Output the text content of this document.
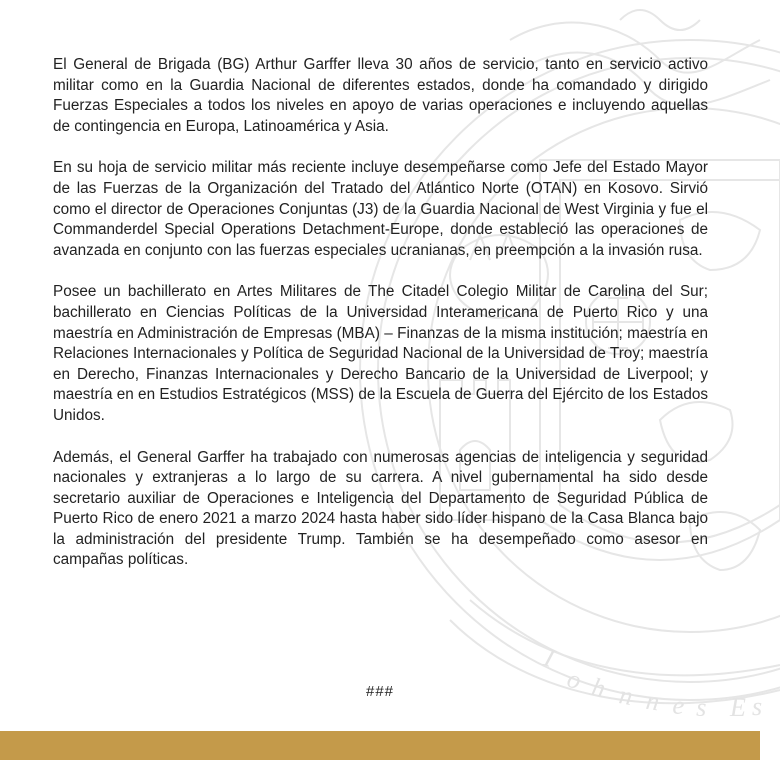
I
o h n n e s E s

El General de Brigada (BG) Arthur Garffer lleva 30 años de servicio, tanto en servicio activo militar como en la Guardia Nacional de diferentes estados, donde ha comandado y dirigido Fuerzas Especiales a todos los niveles en apoyo de varias operaciones e incluyendo aquellas de contingencia en Europa, Latinoamérica y Asia.

En su hoja de servicio militar más reciente incluye desempeñarse como Jefe del Estado Mayor de las Fuerzas de la Organización del Tratado del Atlántico Norte (OTAN) en Kosovo. Sirvió como el director de Operaciones Conjuntas (J3) de la Guardia Nacional de West Virginia y fue el Commanderdel Special Operations Detachment-Europe, donde estableció las operaciones de avanzada en conjunto con las fuerzas especiales ucranianas, en preempción a la invasión rusa.

Posee un bachillerato en Artes Militares de The Citadel Colegio Militar de Carolina del Sur; bachillerato en Ciencias Políticas de la Universidad Interamericana de Puerto Rico y una maestría en Administración de Empresas (MBA) – Finanzas de la misma institución; maestría en Relaciones Internacionales y Política de Seguridad Nacional de la Universidad de Troy; maestría en Derecho, Finanzas Internacionales y Derecho Bancario de la Universidad de Liverpool; y maestría en en Estudios Estratégicos (MSS) de la Escuela de Guerra del Ejército de los Estados Unidos.

Además, el General Garffer ha trabajado con numerosas agencias de inteligencia y seguridad nacionales y extranjeras a lo largo de su carrera. A nivel gubernamental ha sido desde secretario auxiliar de Operaciones e Inteligencia del Departamento de Seguridad Pública de Puerto Rico de enero 2021 a marzo 2024 hasta haber sido líder hispano de la Casa Blanca bajo la administración del presidente Trump. También se ha desempeñado como asesor en campañas políticas.

###
